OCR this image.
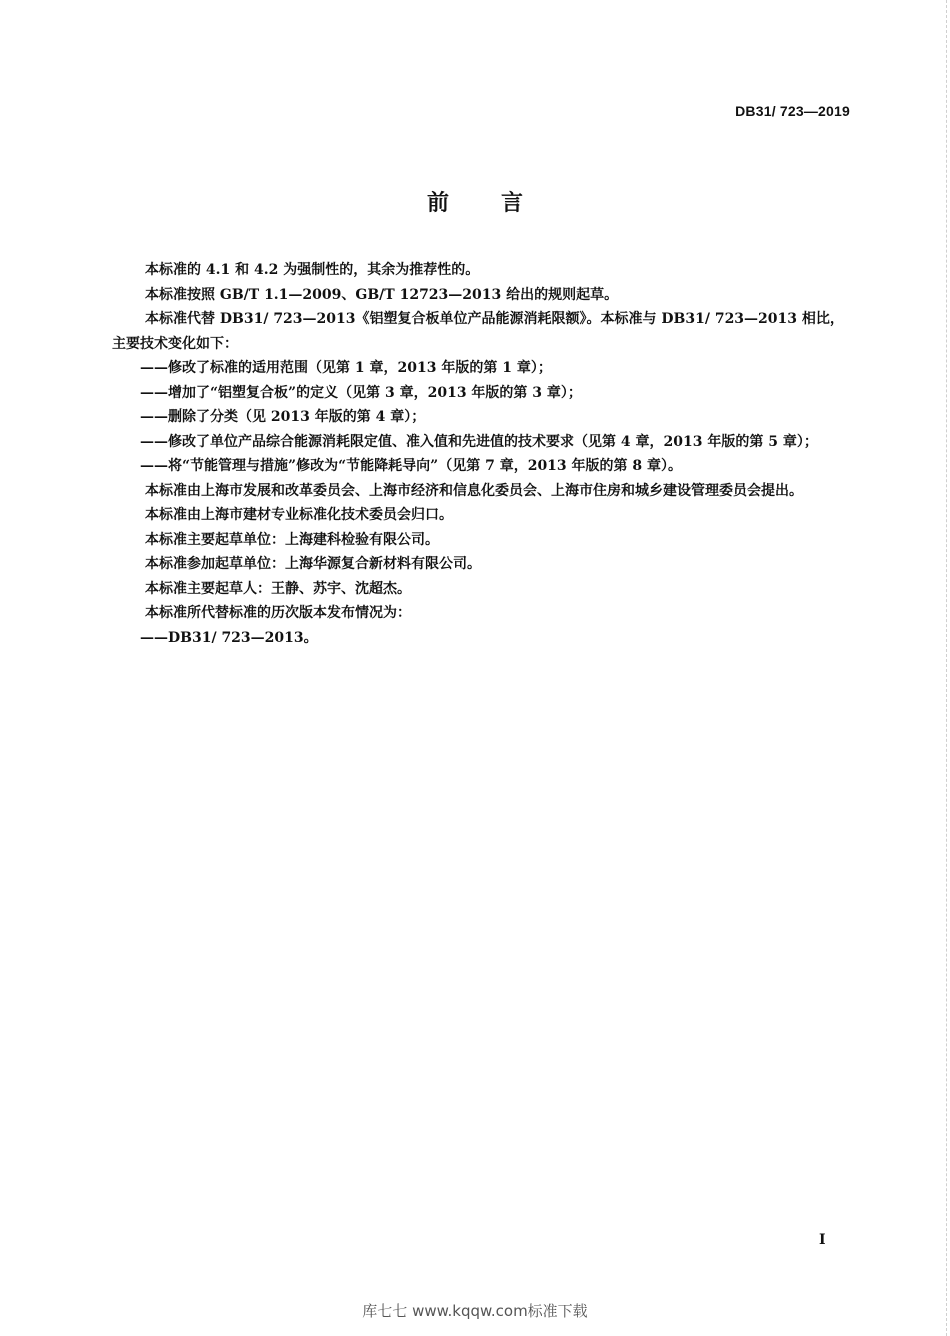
DB31/ 723—2019
前言

本标准的 4.1 和 4.2 为强制性的，其余为推荐性的。

本标准按照 GB/T 1.1—2009、GB/T 12723—2013 给出的规则起草。

本标准代替 DB31/ 723—2013《铝塑复合板单位产品能源消耗限额》。本标准与 DB31/ 723—2013 相比，主要技术变化如下：

——修改了标准的适用范围（见第 1 章，2013 年版的第 1 章）；

——增加了“铝塑复合板”的定义（见第 3 章，2013 年版的第 3 章）；

——删除了分类（见 2013 年版的第 4 章）；

——修改了单位产品综合能源消耗限定值、准入值和先进值的技术要求（见第 4 章，2013 年版的第 5 章）；

——将“节能管理与措施”修改为“节能降耗导向”（见第 7 章，2013 年版的第 8 章）。

本标准由上海市发展和改革委员会、上海市经济和信息化委员会、上海市住房和城乡建设管理委员会提出。

本标准由上海市建材专业标准化技术委员会归口。

本标准主要起草单位：上海建科检验有限公司。

本标准参加起草单位：上海华源复合新材料有限公司。

本标准主要起草人：王静、苏宇、沈超杰。

本标准所代替标准的历次版本发布情况为：

——DB31/ 723—2013。

I
库七七 www.kqqw.com标准下载
